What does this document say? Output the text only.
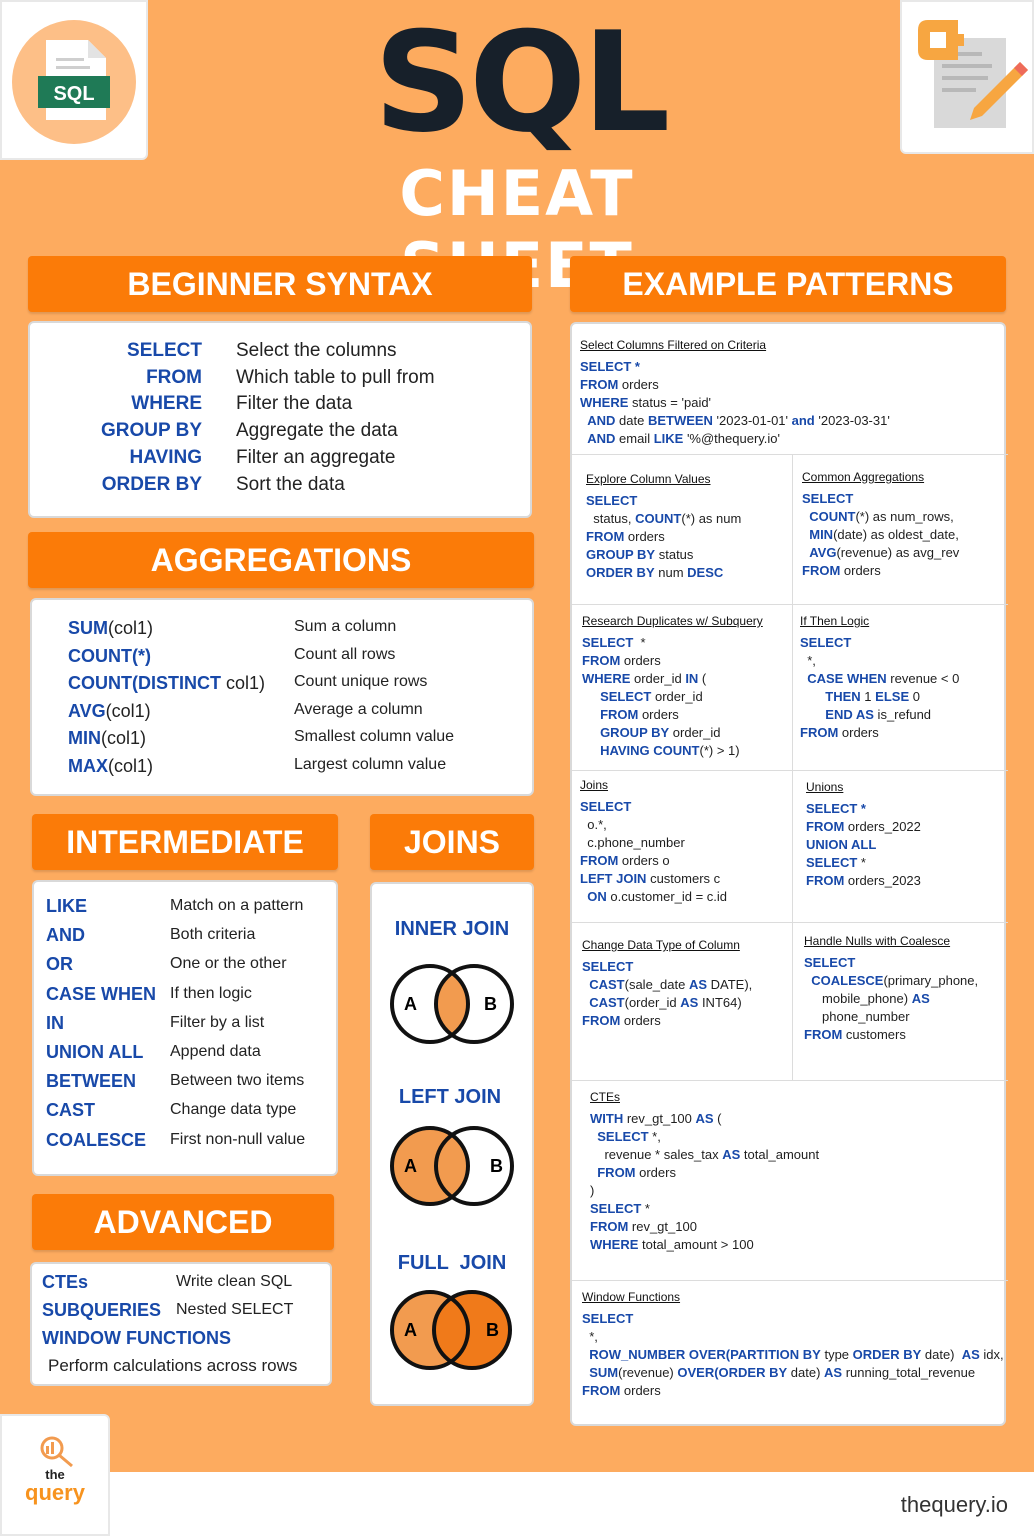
SQL SQL
CHEAT
BEGINNER SYNTAX
SELECT Select the columns
FROM Which table to pull from
WHERE Filter the data
GROUP BY Aggregate the data
HAVING Filter an aggregate
ORDER BY Sort the data
AGGREGATIONS
SUM(col1)	Sum a column
COUNT(*)	Count all rows
COUNT(DISTINCT col1) Count unique rows
AVG(col1)	Average a column
MIN(col1)	Smallest column value
MAX(col1)	Largest column value
INTERMEDIATE
LIKE	Match on a pattern
AND	Both criteria
OR	One or the other
CASE WHEN If then logic
IN	Filter by a list
UNION ALL Append data
BETWEEN Between two items
CAST	Change data type
COALESCE First non-null value
JOINS
INNER JOIN
A	B
LEFT JOIN
A	B
FULL  JOIN
A	B
ADVANCED
CTEs	Write clean SQL
SUBQUERIES Nested SELECT
WINDOW FUNCTIONS
Perform calculations across rows
EXAMPLE PATTERNS
Select Columns Filtered on Criteria
SELECT *
FROM orders
WHERE status = 'paid'
AND date BETWEEN '2023-01-01' and '2023-03-31'
AND email LIKE '%@thequery.io'
Explore Column Values
SELECT
status, COUNT(*) as num
FROM orders
GROUP BY status
ORDER BY num DESC
Common Aggregations
SELECT
COUNT(*) as num_rows,
MIN(date) as oldest_date,
AVG(revenue) as avg_rev
FROM orders
Research Duplicates w/ Subquery
SELECT  *
FROM orders
WHERE order_id IN (
SELECT order_id
FROM orders
GROUP BY order_id
HAVING COUNT(*) > 1)
If Then Logic
SELECT
*,
CASE WHEN revenue < 0
THEN 1 ELSE 0
END AS is_refund
FROM orders
Joins
SELECT
o.*,
c.phone_number
FROM orders o
LEFT JOIN customers c
ON o.customer_id = c.id
Unions
SELECT *
FROM orders_2022
UNION ALL
SELECT *
FROM orders_2023
Change Data Type of Column
SELECT
CAST(sale_date AS DATE),
CAST(order_id AS INT64)
FROM orders
Handle Nulls with Coalesce
SELECT
COALESCE(primary_phone,
mobile_phone) AS
phone_number
FROM customers
CTEs
WITH rev_gt_100 AS (
SELECT *,
revenue * sales_tax AS total_amount
FROM orders
)
SELECT *
FROM rev_gt_100
WHERE total_amount > 100
Window Functions
SELECT
*,
ROW_NUMBER OVER(PARTITION BY type ORDER BY date)  AS idx,
SUM(revenue) OVER(ORDER BY date) AS running_total_revenue
FROM orders
the
query	thequery.io
